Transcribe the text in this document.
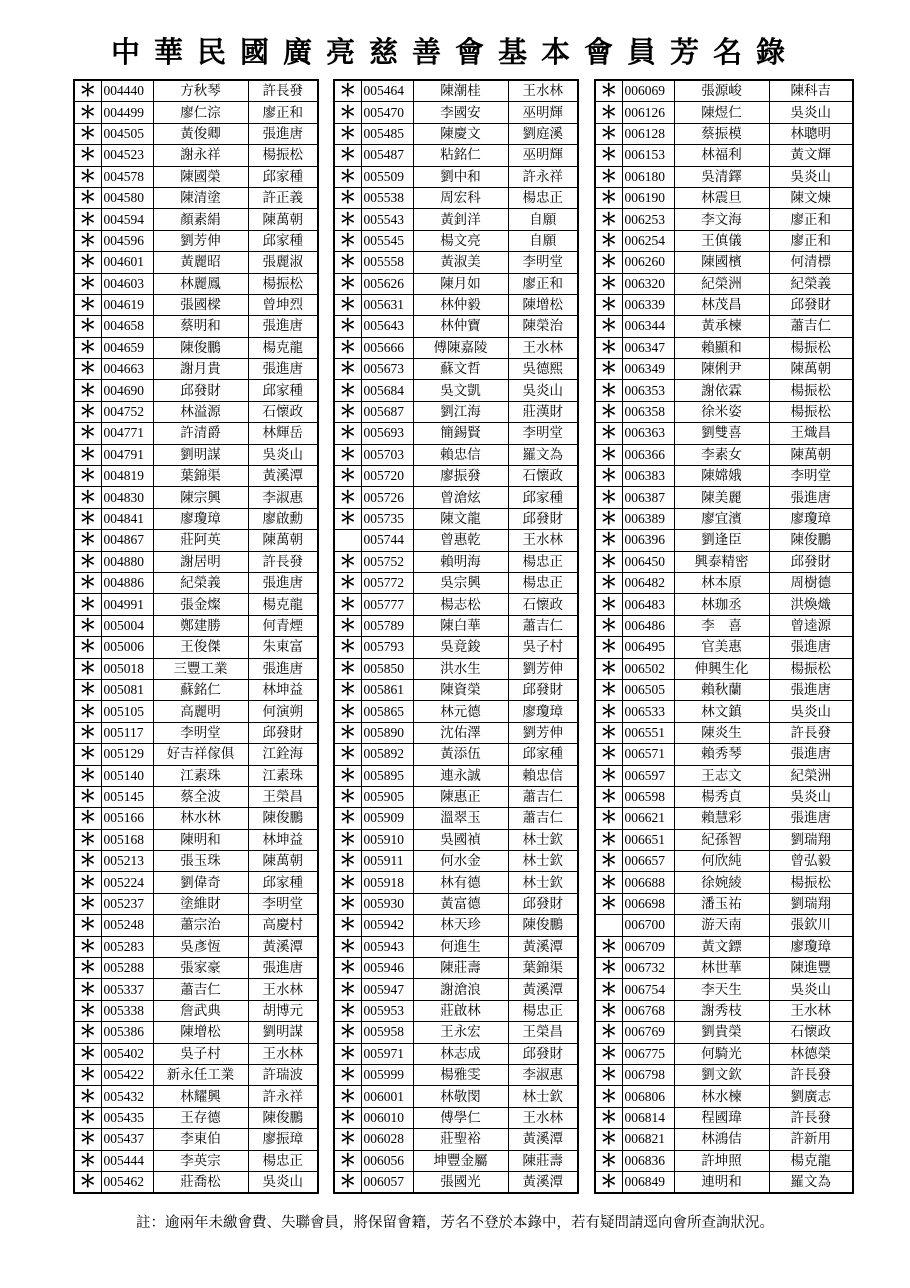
中華民國廣亮慈善會基本會員芳名錄
＊	004440	方秋琴	許長發
＊	004499	廖仁淙	廖正和
＊	004505	黃俊卿	張進唐
＊	004523	謝永祥	楊振松
＊	004578	陳國榮	邱家種
＊	004580	陳清塗	許正義
＊	004594	顏素絹	陳萬朝
＊	004596	劉芳伸	邱家種
＊	004601	黃麗昭	張麗淑
＊	004603	林麗鳳	楊振松
＊	004619	張國樑	曾坤烈
＊	004658	蔡明和	張進唐
＊	004659	陳俊鵬	楊克龍
＊	004663	謝月貴	張進唐
＊	004690	邱發財	邱家種
＊	004752	林溢源	石懷政
＊	004771	許清爵	林輝岳
＊	004791	劉明謀	吳炎山
＊	004819	葉錦渠	黃溪潭
＊	004830	陳宗興	李淑惠
＊	004841	廖瓊璋	廖啟勳
＊	004867	莊阿英	陳萬朝
＊	004880	謝居明	許長發
＊	004886	紀榮義	張進唐
＊	004991	張金燦	楊克龍
＊	005004	鄭建勝	何青煙
＊	005006	王俊傑	朱東富
＊	005018	三豐工業	張進唐
＊	005081	蘇銘仁	林坤益
＊	005105	高麗明	何演朔
＊	005117	李明堂	邱發財
＊	005129	好吉祥傢俱	江銓海
＊	005140	江素珠	江素珠
＊	005145	蔡全波	王榮昌
＊	005166	林水林	陳俊鵬
＊	005168	陳明和	林坤益
＊	005213	張玉珠	陳萬朝
＊	005224	劉偉奇	邱家種
＊	005237	塗維財	李明堂
＊	005248	蕭宗治	高慶村
＊	005283	吳彥恆	黃溪潭
＊	005288	張家豪	張進唐
＊	005337	蕭吉仁	王水林
＊	005338	詹武典	胡博元
＊	005386	陳增松	劉明謀
＊	005402	吳子村	王水林
＊	005422	新永任工業	許瑞波
＊	005432	林耀興	許永祥
＊	005435	王存德	陳俊鵬
＊	005437	李東伯	廖振璋
＊	005444	李英宗	楊忠正
＊	005462	莊喬松	吳炎山
＊	005464	陳潮桂	王水林
＊	005470	李國安	巫明輝
＊	005485	陳慶文	劉庭溪
＊	005487	粘銘仁	巫明輝
＊	005509	劉中和	許永祥
＊	005538	周宏科	楊忠正
＊	005543	黃釗洋	自願
＊	005545	楊文亮	自願
＊	005558	黃淑美	李明堂
＊	005626	陳月如	廖正和
＊	005631	林仲毅	陳增松
＊	005643	林仲寶	陳榮治
＊	005666	傅陳嘉陵	王水林
＊	005673	蘇文哲	吳德熙
＊	005684	吳文凱	吳炎山
＊	005687	劉江海	莊漢財
＊	005693	簡錫賢	李明堂
＊	005703	賴忠信	羅文為
＊	005720	廖振發	石懷政
＊	005726	曾滄炫	邱家種
＊	005735	陳文龍	邱發財
	005744	曾惠乾	王水林
＊	005752	賴明海	楊忠正
＊	005772	吳宗興	楊忠正
＊	005777	楊志松	石懷政
＊	005789	陳白華	蕭吉仁
＊	005793	吳竟鋑	吳子村
＊	005850	洪水生	劉芳伸
＊	005861	陳資榮	邱發財
＊	005865	林元德	廖瓊璋
＊	005890	沈佑澤	劉芳伸
＊	005892	黃添伍	邱家種
＊	005895	連永誠	賴忠信
＊	005905	陳惠正	蕭吉仁
＊	005909	溫翠玉	蕭吉仁
＊	005910	吳國禎	林士欽
＊	005911	何水金	林士欽
＊	005918	林有德	林士欽
＊	005930	黃富德	邱發財
＊	005942	林天珍	陳俊鵬
＊	005943	何進生	黃溪潭
＊	005946	陳莊壽	葉錦渠
＊	005947	謝滄浪	黃溪潭
＊	005953	莊啟林	楊忠正
＊	005958	王永宏	王榮昌
＊	005971	林志成	邱發財
＊	005999	楊雅雯	李淑惠
＊	006001	林敬閔	林士欽
＊	006010	傅學仁	王水林
＊	006028	莊聖裕	黃溪潭
＊	006056	坤豐金屬	陳莊壽
＊	006057	張國光	黃溪潭
＊	006069	張源峻	陳科吉
＊	006126	陳煜仁	吳炎山
＊	006128	蔡振模	林聰明
＊	006153	林福利	黃文輝
＊	006180	吳清鐸	吳炎山
＊	006190	林震旦	陳文煉
＊	006253	李文海	廖正和
＊	006254	王傎儀	廖正和
＊	006260	陳國檳	何清標
＊	006320	紀榮洲	紀榮義
＊	006339	林茂昌	邱發財
＊	006344	黃承楝	蕭吉仁
＊	006347	賴顯和	楊振松
＊	006349	陳俐尹	陳萬朝
＊	006353	謝依霖	楊振松
＊	006358	徐米姿	楊振松
＊	006363	劉雙喜	王熾昌
＊	006366	李素女	陳萬朝
＊	006383	陳嫦娥	李明堂
＊	006387	陳美麗	張進唐
＊	006389	廖宜濱	廖瓊璋
＊	006396	劉逢臣	陳俊鵬
＊	006450	興泰精密	邱發財
＊	006482	林本原	周樹德
＊	006483	林珈丞	洪煥熾
＊	006486	李　喜	曾逵源
＊	006495	官美惠	張進唐
＊	006502	伸興生化	楊振松
＊	006505	賴秋蘭	張進唐
＊	006533	林文鎮	吳炎山
＊	006551	陳炎生	許長發
＊	006571	賴秀琴	張進唐
＊	006597	王志文	紀榮洲
＊	006598	楊秀貞	吳炎山
＊	006621	賴慧彩	張進唐
＊	006651	紀孫智	劉瑞翔
＊	006657	何欣純	曾弘毅
＊	006688	徐婉綾	楊振松
＊	006698	潘玉祐	劉瑞翔
	006700	游天南	張欽川
＊	006709	黃文鏢	廖瓊璋
＊	006732	林世華	陳進豐
＊	006754	李天生	吳炎山
＊	006768	謝秀枝	王水林
＊	006769	劉貴榮	石懷政
＊	006775	何騎光	林德榮
＊	006798	劉文欽	許長發
＊	006806	林水楝	劉廣志
＊	006814	程國瑋	許長發
＊	006821	林鴻佶	許新用
＊	006836	許坤照	楊克龍
＊	006849	連明和	羅文為
註：逾兩年未繳會費、失聯會員，將保留會籍，芳名不登於本錄中，若有疑問請逕向會所查詢狀況。
